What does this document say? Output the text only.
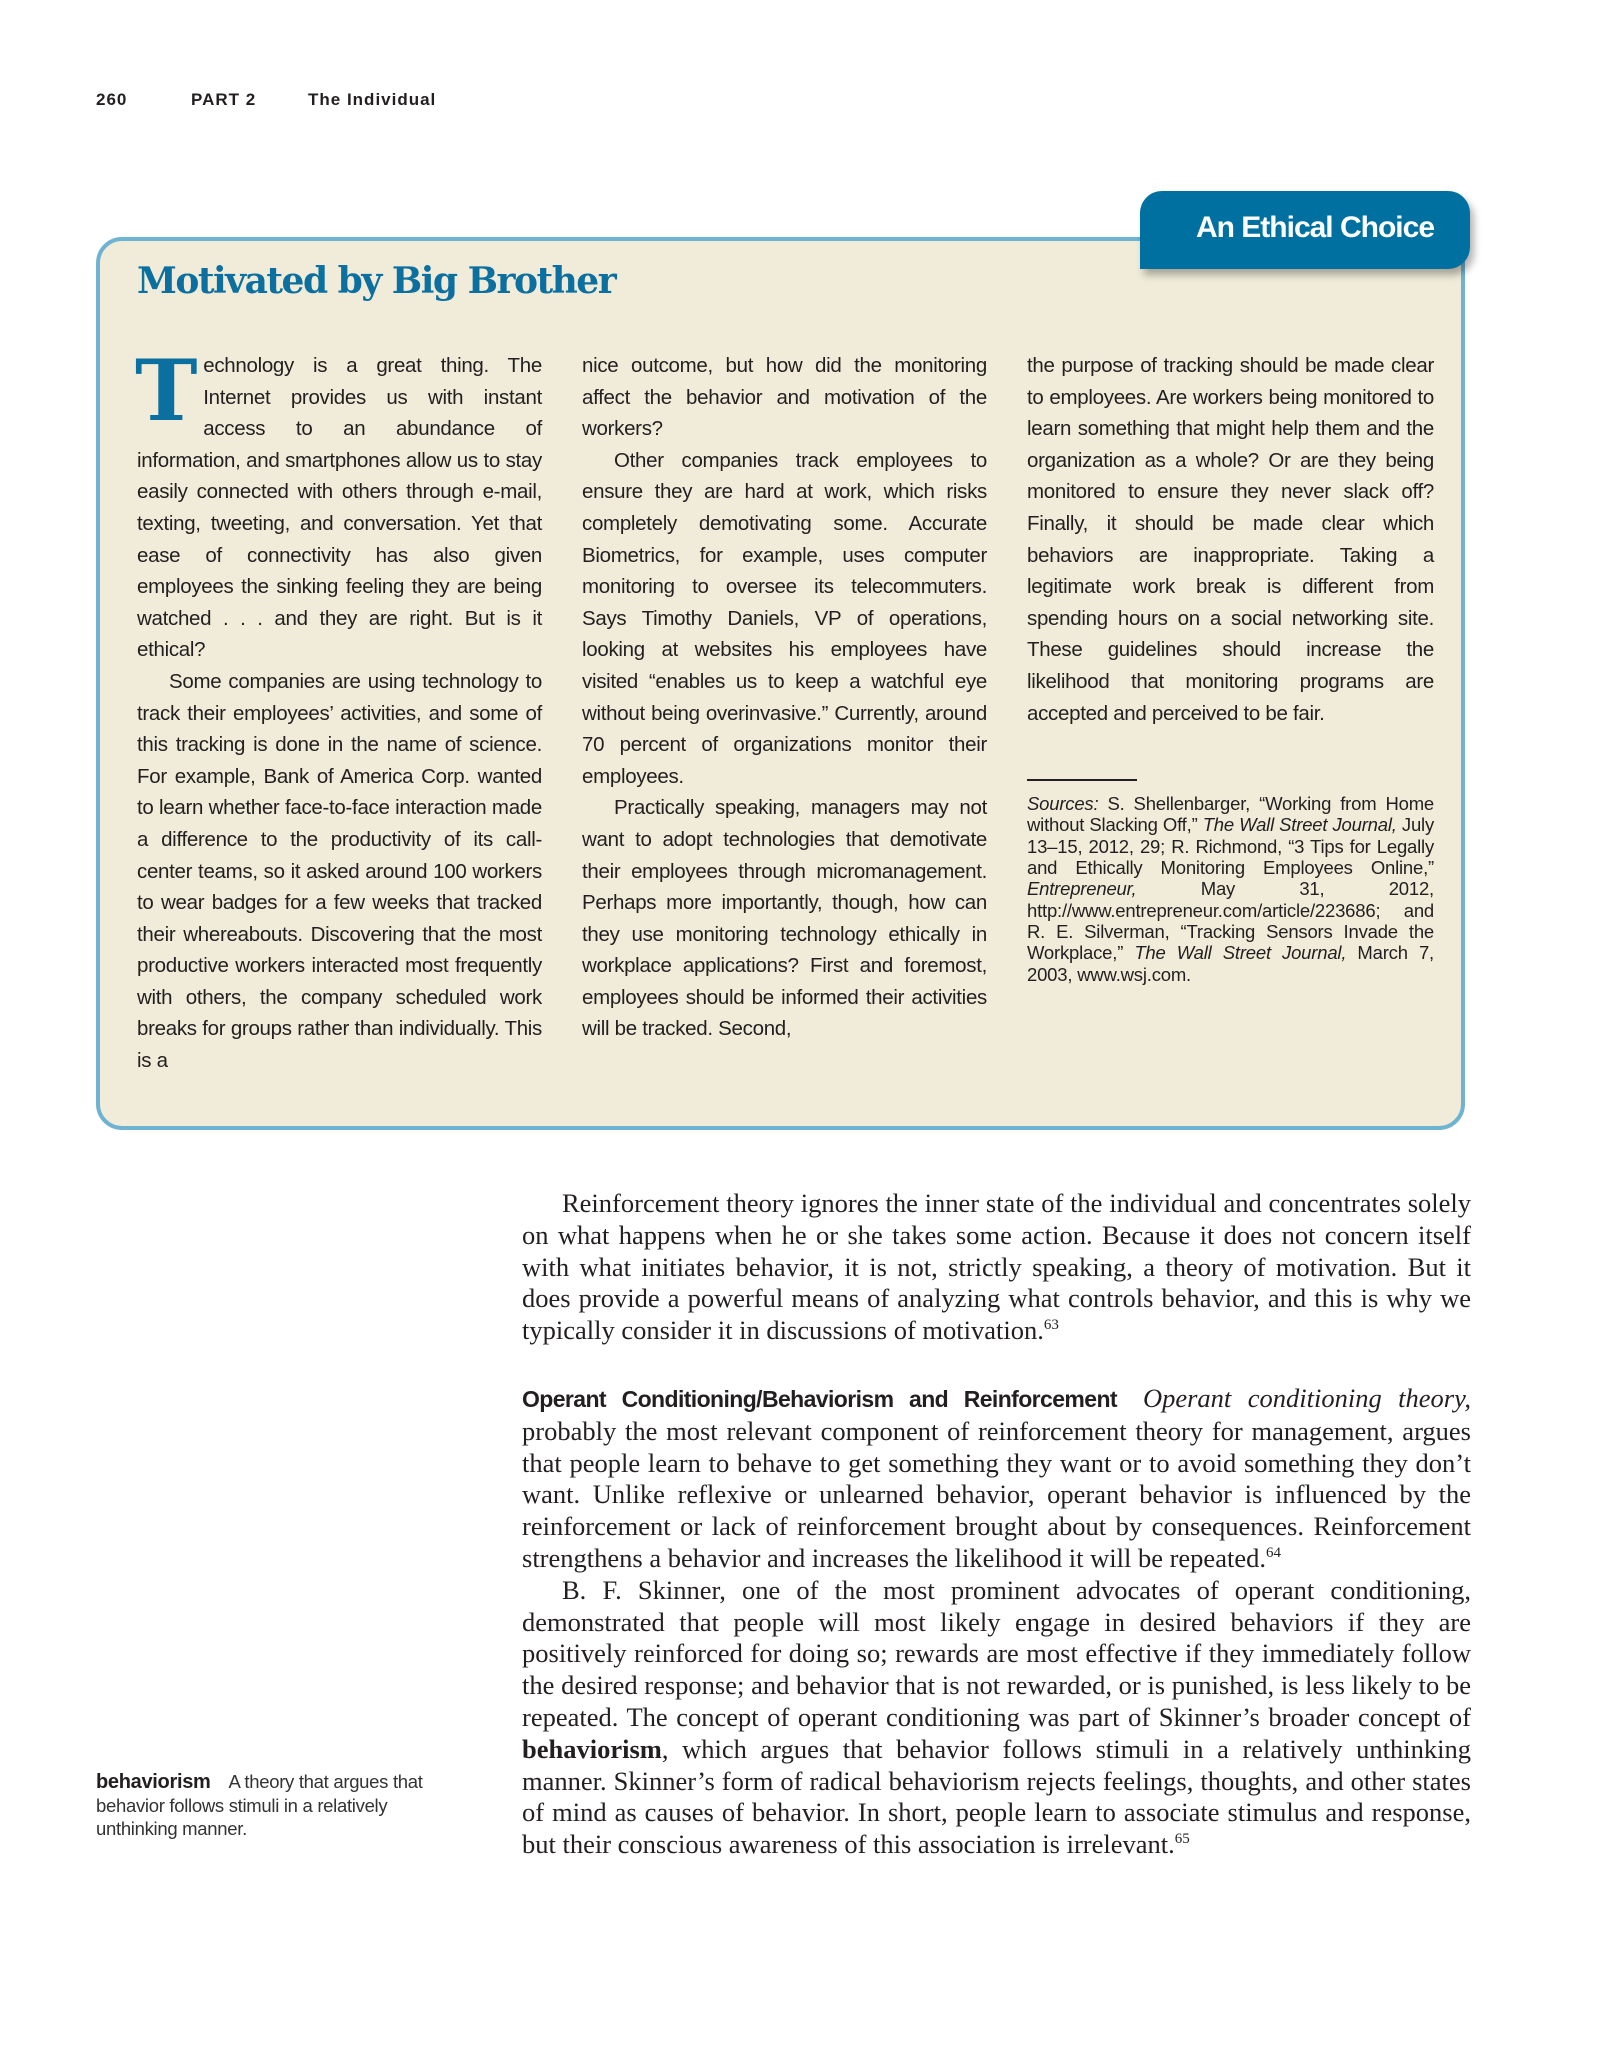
260	PART 2	The Individual
An Ethical Choice
Motivated by Big Brother

Technology is a great thing. The Internet provides us with instant access to an abundance of information, and smartphones allow us to stay easily connected with others through e-mail, texting, tweeting, and conversation. Yet that ease of connectivity has also given employees the sinking feeling they are being watched . . . and they are right. But is it ethical?

Some companies are using technology to track their employees’ activities, and some of this tracking is done in the name of science. For example, Bank of America Corp. wanted to learn whether face-to-face interaction made a difference to the productivity of its call-center teams, so it asked around 100 workers to wear badges for a few weeks that tracked their whereabouts. Discovering that the most productive workers interacted most frequently with others, the company scheduled work breaks for groups rather than individually. This is a

nice outcome, but how did the monitoring affect the behavior and motivation of the workers?

Other companies track employees to ensure they are hard at work, which risks completely demotivating some. Accurate Biometrics, for example, uses computer monitoring to oversee its telecommuters. Says Timothy Daniels, VP of operations, looking at websites his employees have visited “enables us to keep a watchful eye without being overinvasive.” Currently, around 70 percent of organizations monitor their employees.

Practically speaking, managers may not want to adopt technologies that demotivate their employees through micromanagement. Perhaps more importantly, though, how can they use monitoring technology ethically in workplace applications? First and foremost, employees should be informed their activities will be tracked. Second,

the purpose of tracking should be made clear to employees. Are workers being monitored to learn something that might help them and the organization as a whole? Or are they being monitored to ensure they never slack off? Finally, it should be made clear which behaviors are inappropriate. Taking a legitimate work break is different from spending hours on a social networking site. These guidelines should increase the likelihood that monitoring programs are accepted and perceived to be fair.

Sources: S. Shellenbarger, “Working from Home without Slacking Off,” The Wall Street Journal, July 13–15, 2012, 29; R. Richmond, “3 Tips for Legally and Ethically Monitoring Employees Online,” Entrepreneur, May 31, 2012, http://www.entrepreneur.com/article/223686; and R. E. Silverman, “Tracking Sensors Invade the Workplace,” The Wall Street Journal, March 7, 2003, www.wsj.com.

Reinforcement theory ignores the inner state of the individual and concentrates solely on what happens when he or she takes some action. Because it does not concern itself with what initiates behavior, it is not, strictly speaking, a theory of motivation. But it does provide a powerful means of analyzing what controls behavior, and this is why we typically consider it in discussions of motivation.$^{63}$

Operant Conditioning/Behaviorism and Reinforcement Operant conditioning theory, probably the most relevant component of reinforcement theory for management, argues that people learn to behave to get something they want or to avoid something they don’t want. Unlike reflexive or unlearned behavior, operant behavior is influenced by the reinforcement or lack of reinforcement brought about by consequences. Reinforcement strengthens a behavior and increases the likelihood it will be repeated.$^{64}$

B. F. Skinner, one of the most prominent advocates of operant conditioning, demonstrated that people will most likely engage in desired behaviors if they are positively reinforced for doing so; rewards are most effective if they immediately follow the desired response; and behavior that is not rewarded, or is punished, is less likely to be repeated. The concept of operant conditioning was part of Skinner’s broader concept of behaviorism, which argues that behavior follows stimuli in a relatively unthinking manner. Skinner’s form of radical behaviorism rejects feelings, thoughts, and other states of mind as causes of behavior. In short, people learn to associate stimulus and response, but their conscious awareness of this association is irrelevant.$^{65}$

behaviorism A theory that argues that behavior follows stimuli in a relatively unthinking manner.
